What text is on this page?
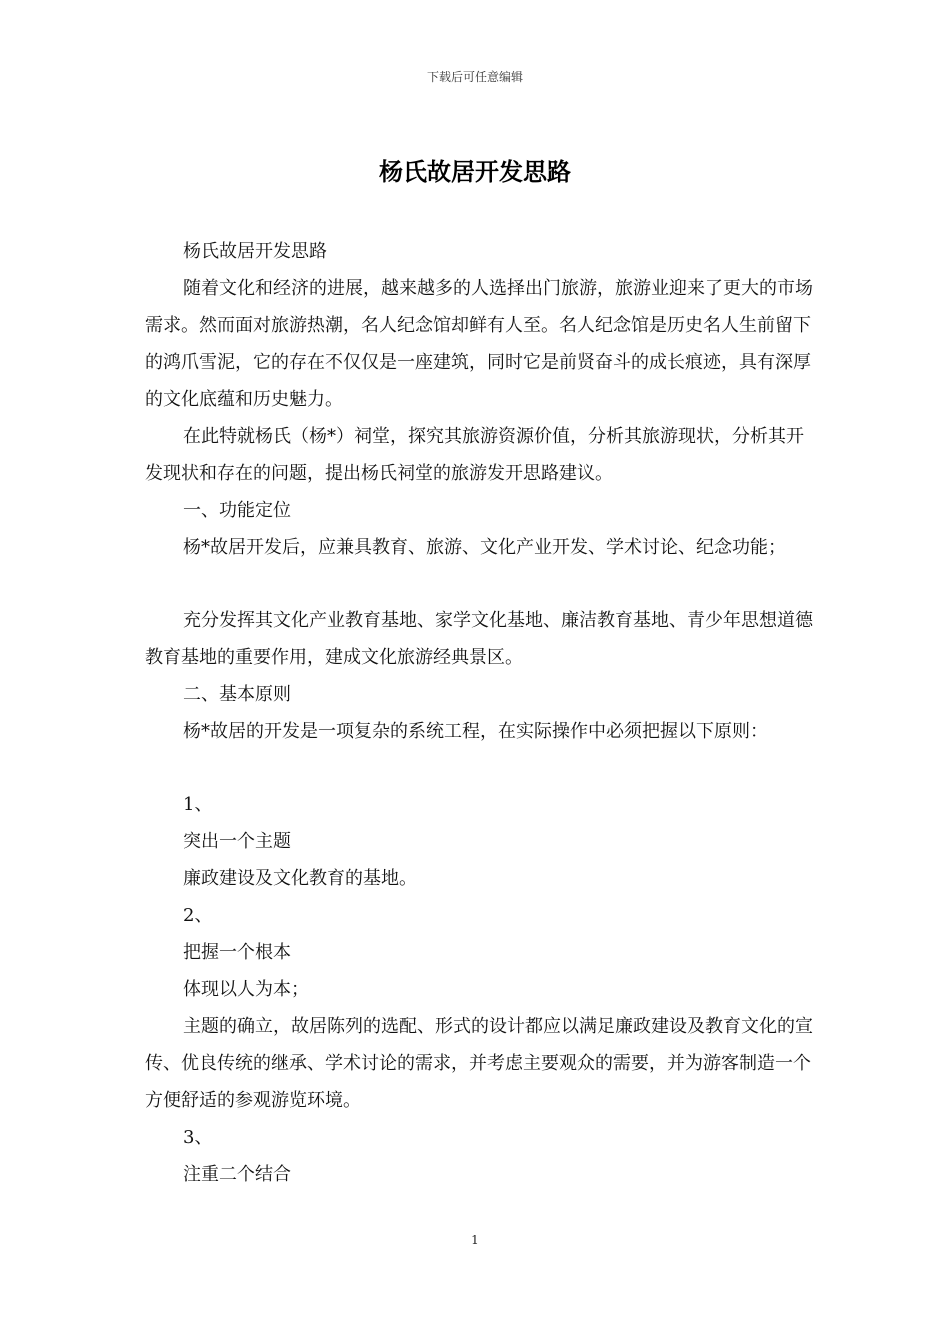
下载后可任意编辑
杨氏故居开发思路

杨氏故居开发思路

随着文化和经济的进展，越来越多的人选择出门旅游，旅游业迎来了更大的市场需求。然而面对旅游热潮，名人纪念馆却鲜有人至。名人纪念馆是历史名人生前留下的鸿爪雪泥，它的存在不仅仅是一座建筑，同时它是前贤奋斗的成长痕迹，具有深厚的文化底蕴和历史魅力。

在此特就杨氏（杨*）祠堂，探究其旅游资源价值，分析其旅游现状，分析其开发现状和存在的问题，提出杨氏祠堂的旅游发开思路建议。

一、功能定位

杨*故居开发后，应兼具教育、旅游、文化产业开发、学术讨论、纪念功能；

充分发挥其文化产业教育基地、家学文化基地、廉洁教育基地、青少年思想道德教育基地的重要作用，建成文化旅游经典景区。

二、基本原则

杨*故居的开发是一项复杂的系统工程，在实际操作中必须把握以下原则：

1、

突出一个主题

廉政建设及文化教育的基地。

2、

把握一个根本

体现以人为本；

主题的确立，故居陈列的选配、形式的设计都应以满足廉政建设及教育文化的宣传、优良传统的继承、学术讨论的需求，并考虑主要观众的需要，并为游客制造一个方便舒适的参观游览环境。

3、

注重二个结合

1
